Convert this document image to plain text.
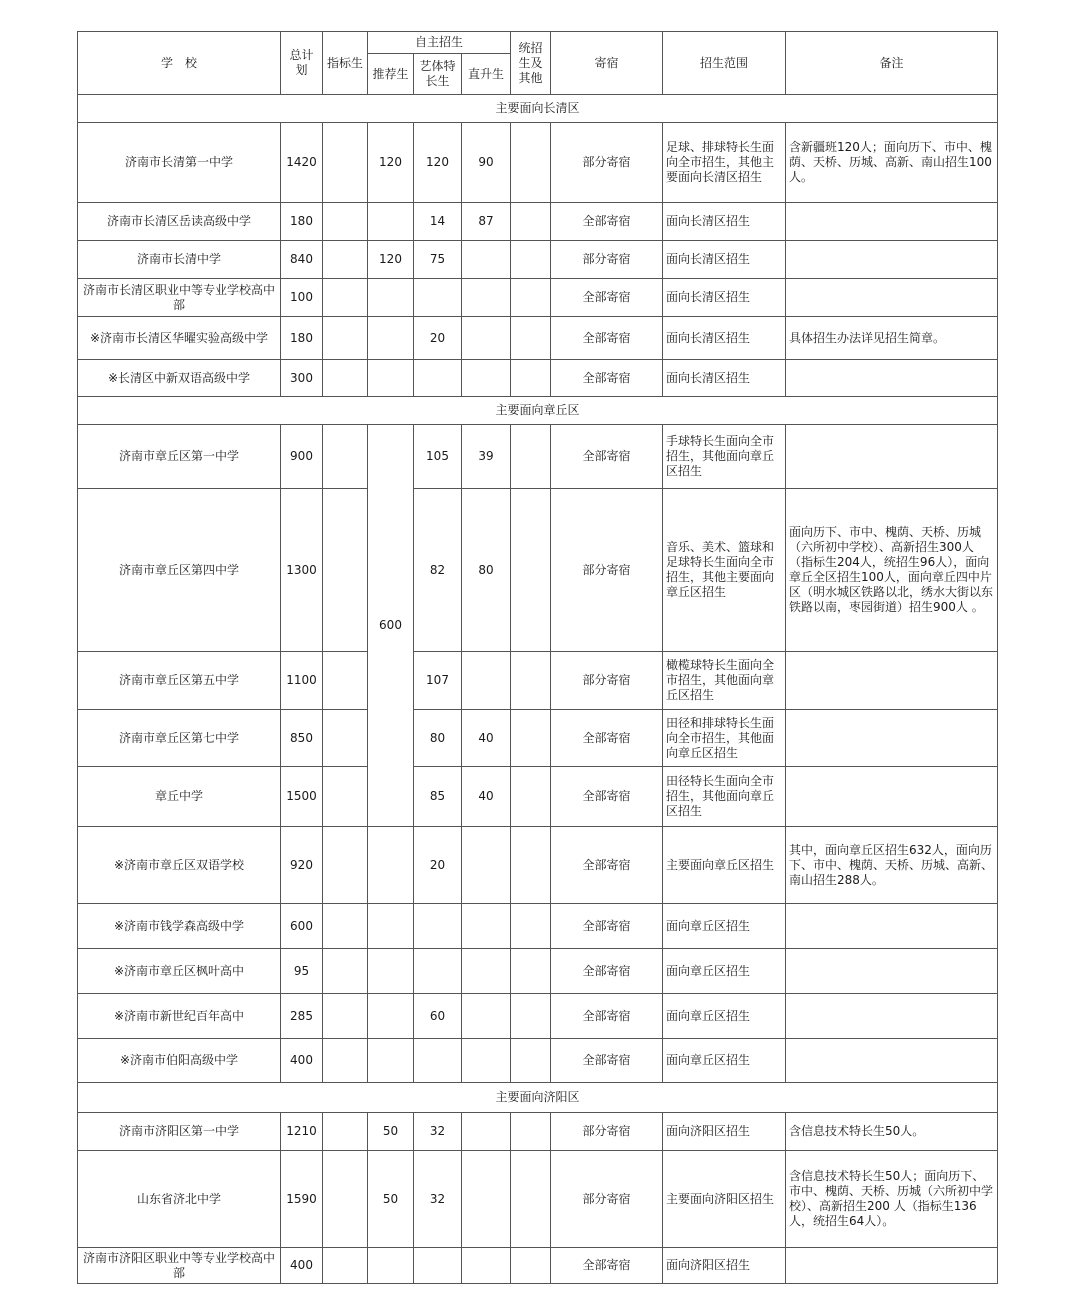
学　校	总计划	指标生	自主招生			统招生及其他	寄宿	招生范围	备注
			推荐生	艺体特长生	直升生				
主要面向长清区									
济南市长清第一中学	1420		120	120	90		部分寄宿	足球、排球特长生面向全市招生，其他主要面向长清区招生	含新疆班120人；面向历下、市中、槐荫、天桥、历城、高新、南山招生100人。
济南市长清区岳读高级中学	180			14	87		全部寄宿	面向长清区招生	
济南市长清中学	840		120	75			部分寄宿	面向长清区招生	
济南市长清区职业中等专业学校高中部	100						全部寄宿	面向长清区招生	
※济南市长清区华曜实验高级中学	180			20			全部寄宿	面向长清区招生	具体招生办法详见招生简章。
※长清区中新双语高级中学	300						全部寄宿	面向长清区招生	
主要面向章丘区									
济南市章丘区第一中学	900		600	105	39		全部寄宿	手球特长生面向全市招生，其他面向章丘区招生	
济南市章丘区第四中学	1300			82	80		部分寄宿	音乐、美术、篮球和足球特长生面向全市招生，其他主要面向章丘区招生	面向历下、市中、槐荫、天桥、历城（六所初中学校）、高新招生300人（指标生204人，统招生96人），面向章丘全区招生100人，面向章丘四中片区（明水城区铁路以北，绣水大街以东铁路以南，枣园街道）招生900人 。
济南市章丘区第五中学	1100			107			部分寄宿	橄榄球特长生面向全市招生，其他面向章丘区招生	
济南市章丘区第七中学	850			80	40		全部寄宿	田径和排球特长生面向全市招生，其他面向章丘区招生	
章丘中学	1500			85	40		全部寄宿	田径特长生面向全市招生，其他面向章丘区招生	
※济南市章丘区双语学校	920			20			全部寄宿	主要面向章丘区招生	其中，面向章丘区招生632人，面向历下、市中、槐荫、天桥、历城、高新、南山招生288人。
※济南市钱学森高级中学	600						全部寄宿	面向章丘区招生	
※济南市章丘区枫叶高中	95						全部寄宿	面向章丘区招生	
※济南市新世纪百年高中	285			60			全部寄宿	面向章丘区招生	
※济南市伯阳高级中学	400						全部寄宿	面向章丘区招生	
主要面向济阳区									
济南市济阳区第一中学	1210		50	32			部分寄宿	面向济阳区招生	含信息技术特长生50人。
山东省济北中学	1590		50	32			部分寄宿	主要面向济阳区招生	含信息技术特长生50人；面向历下、市中、槐荫、天桥、历城（六所初中学校）、高新招生200 人（指标生136人，统招生64人）。
济南市济阳区职业中等专业学校高中部	400						全部寄宿	面向济阳区招生	
